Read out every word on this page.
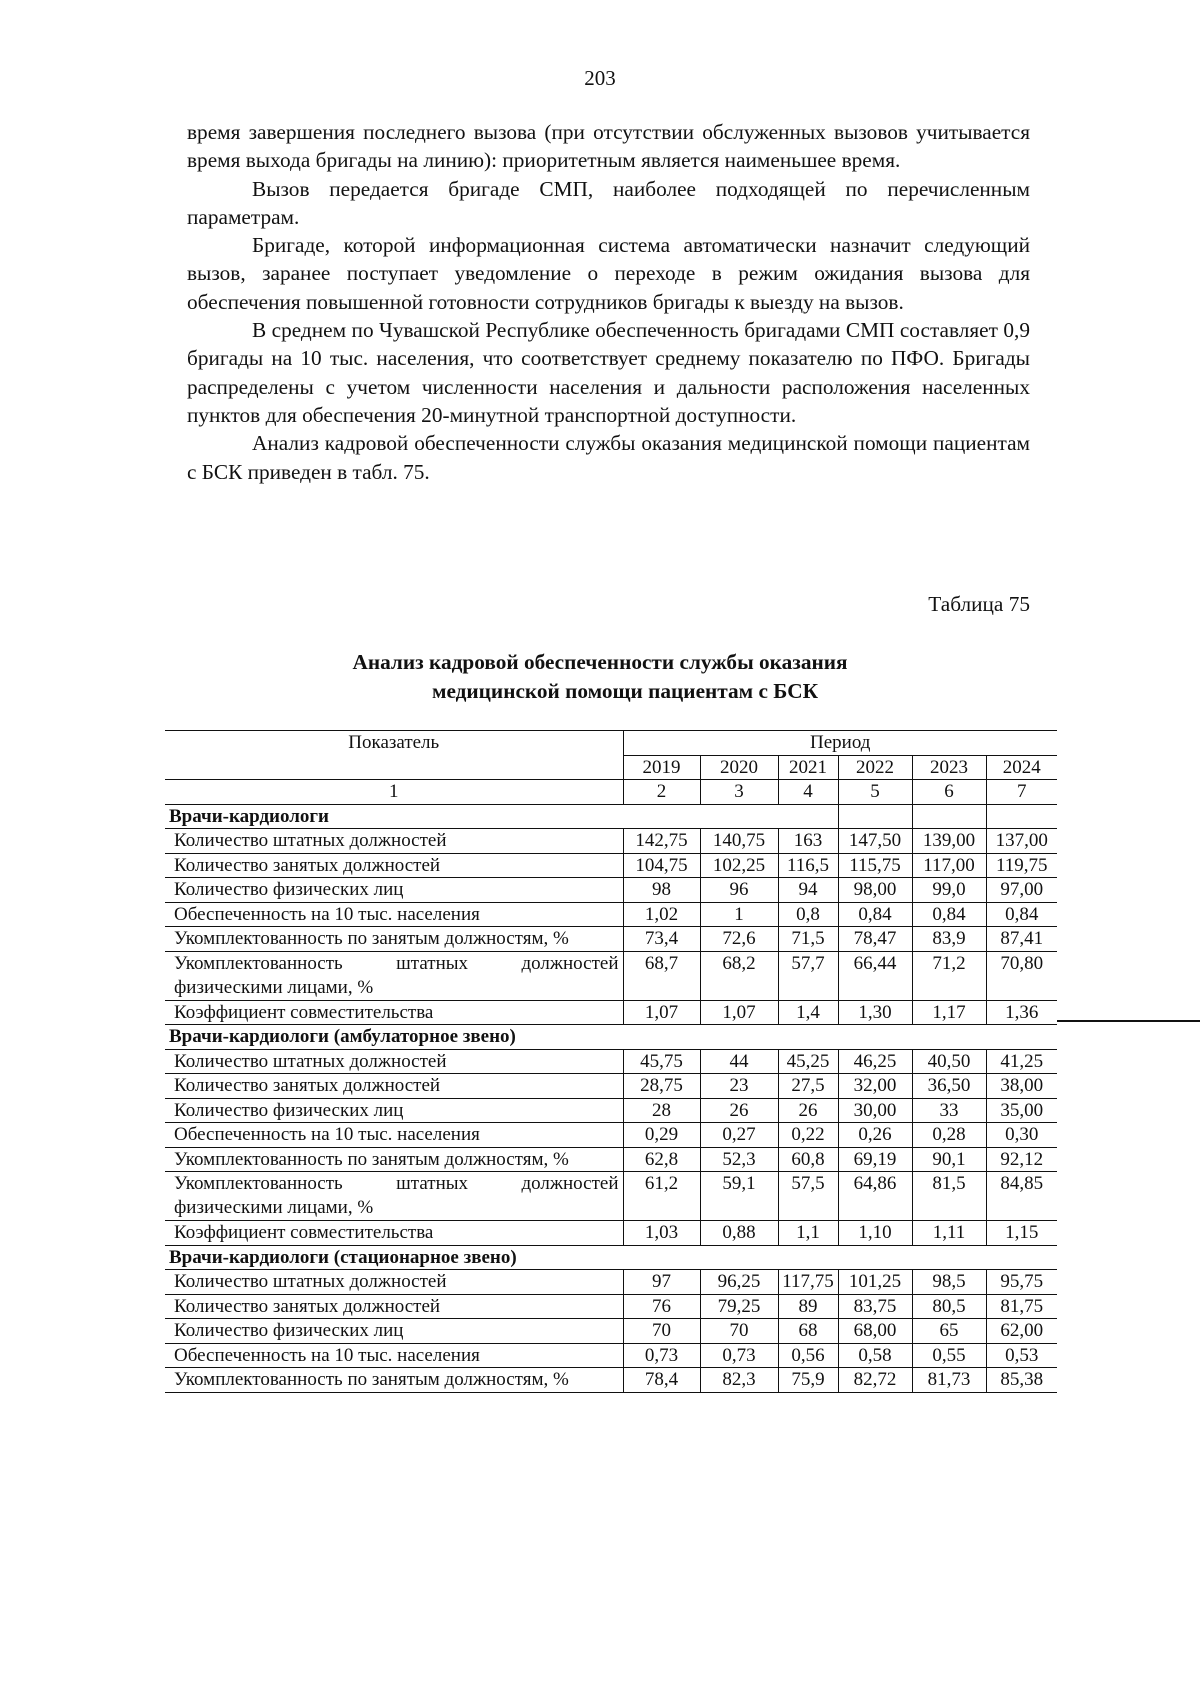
203

время завершения последнего вызова (при отсутствии обслуженных вызовов учитывается время выхода бригады на линию): приоритетным является наименьшее время.

Вызов передается бригаде СМП, наиболее подходящей по перечисленным параметрам.

Бригаде, которой информационная система автоматически назначит следующий вызов, заранее поступает уведомление о переходе в режим ожидания вызова для обеспечения повышенной готовности сотрудников бригады к выезду на вызов.

В среднем по Чувашской Республике обеспеченность бригадами СМП составляет 0,9 бригады на 10 тыс. населения, что соответствует среднему показателю по ПФО. Бригады распределены с учетом численности населения и дальности расположения населенных пунктов для обеспечения 20-минутной транспортной доступности.

Анализ кадровой обеспеченности службы оказания медицинской помощи пациентам с БСК приведен в табл. 75.

Таблица 75
Анализ кадровой обеспеченности службы оказания
медицинской помощи пациентам с БСК
Показатель	Период					
	2019	2020	2021	2022	2023	2024
1	2	3	4	5	6	7
Врачи-кардиологи						
Количество штатных должностей	142,75	140,75	163	147,50	139,00	137,00
Количество занятых должностей	104,75	102,25	116,5	115,75	117,00	119,75
Количество физических лиц	98	96	94	98,00	99,0	97,00
Обеспеченность на 10 тыс. населения	1,02	1	0,8	0,84	0,84	0,84
Укомплектованность по занятым должностям, %	73,4	72,6	71,5	78,47	83,9	87,41
Укомплектованность штатных должностей физическими лицами, %	68,7	68,2	57,7	66,44	71,2	70,80
Коэффициент совместительства	1,07	1,07	1,4	1,30	1,17	1,36
Врачи-кардиологи (амбулаторное звено)						
Количество штатных должностей	45,75	44	45,25	46,25	40,50	41,25
Количество занятых должностей	28,75	23	27,5	32,00	36,50	38,00
Количество физических лиц	28	26	26	30,00	33	35,00
Обеспеченность на 10 тыс. населения	0,29	0,27	0,22	0,26	0,28	0,30
Укомплектованность по занятым должностям, %	62,8	52,3	60,8	69,19	90,1	92,12
Укомплектованность штатных должностей физическими лицами, %	61,2	59,1	57,5	64,86	81,5	84,85
Коэффициент совместительства	1,03	0,88	1,1	1,10	1,11	1,15
Врачи-кардиологи (стационарное звено)						
Количество штатных должностей	97	96,25	117,75	101,25	98,5	95,75
Количество занятых должностей	76	79,25	89	83,75	80,5	81,75
Количество физических лиц	70	70	68	68,00	65	62,00
Обеспеченность на 10 тыс. населения	0,73	0,73	0,56	0,58	0,55	0,53
Укомплектованность по занятым должностям, %	78,4	82,3	75,9	82,72	81,73	85,38
